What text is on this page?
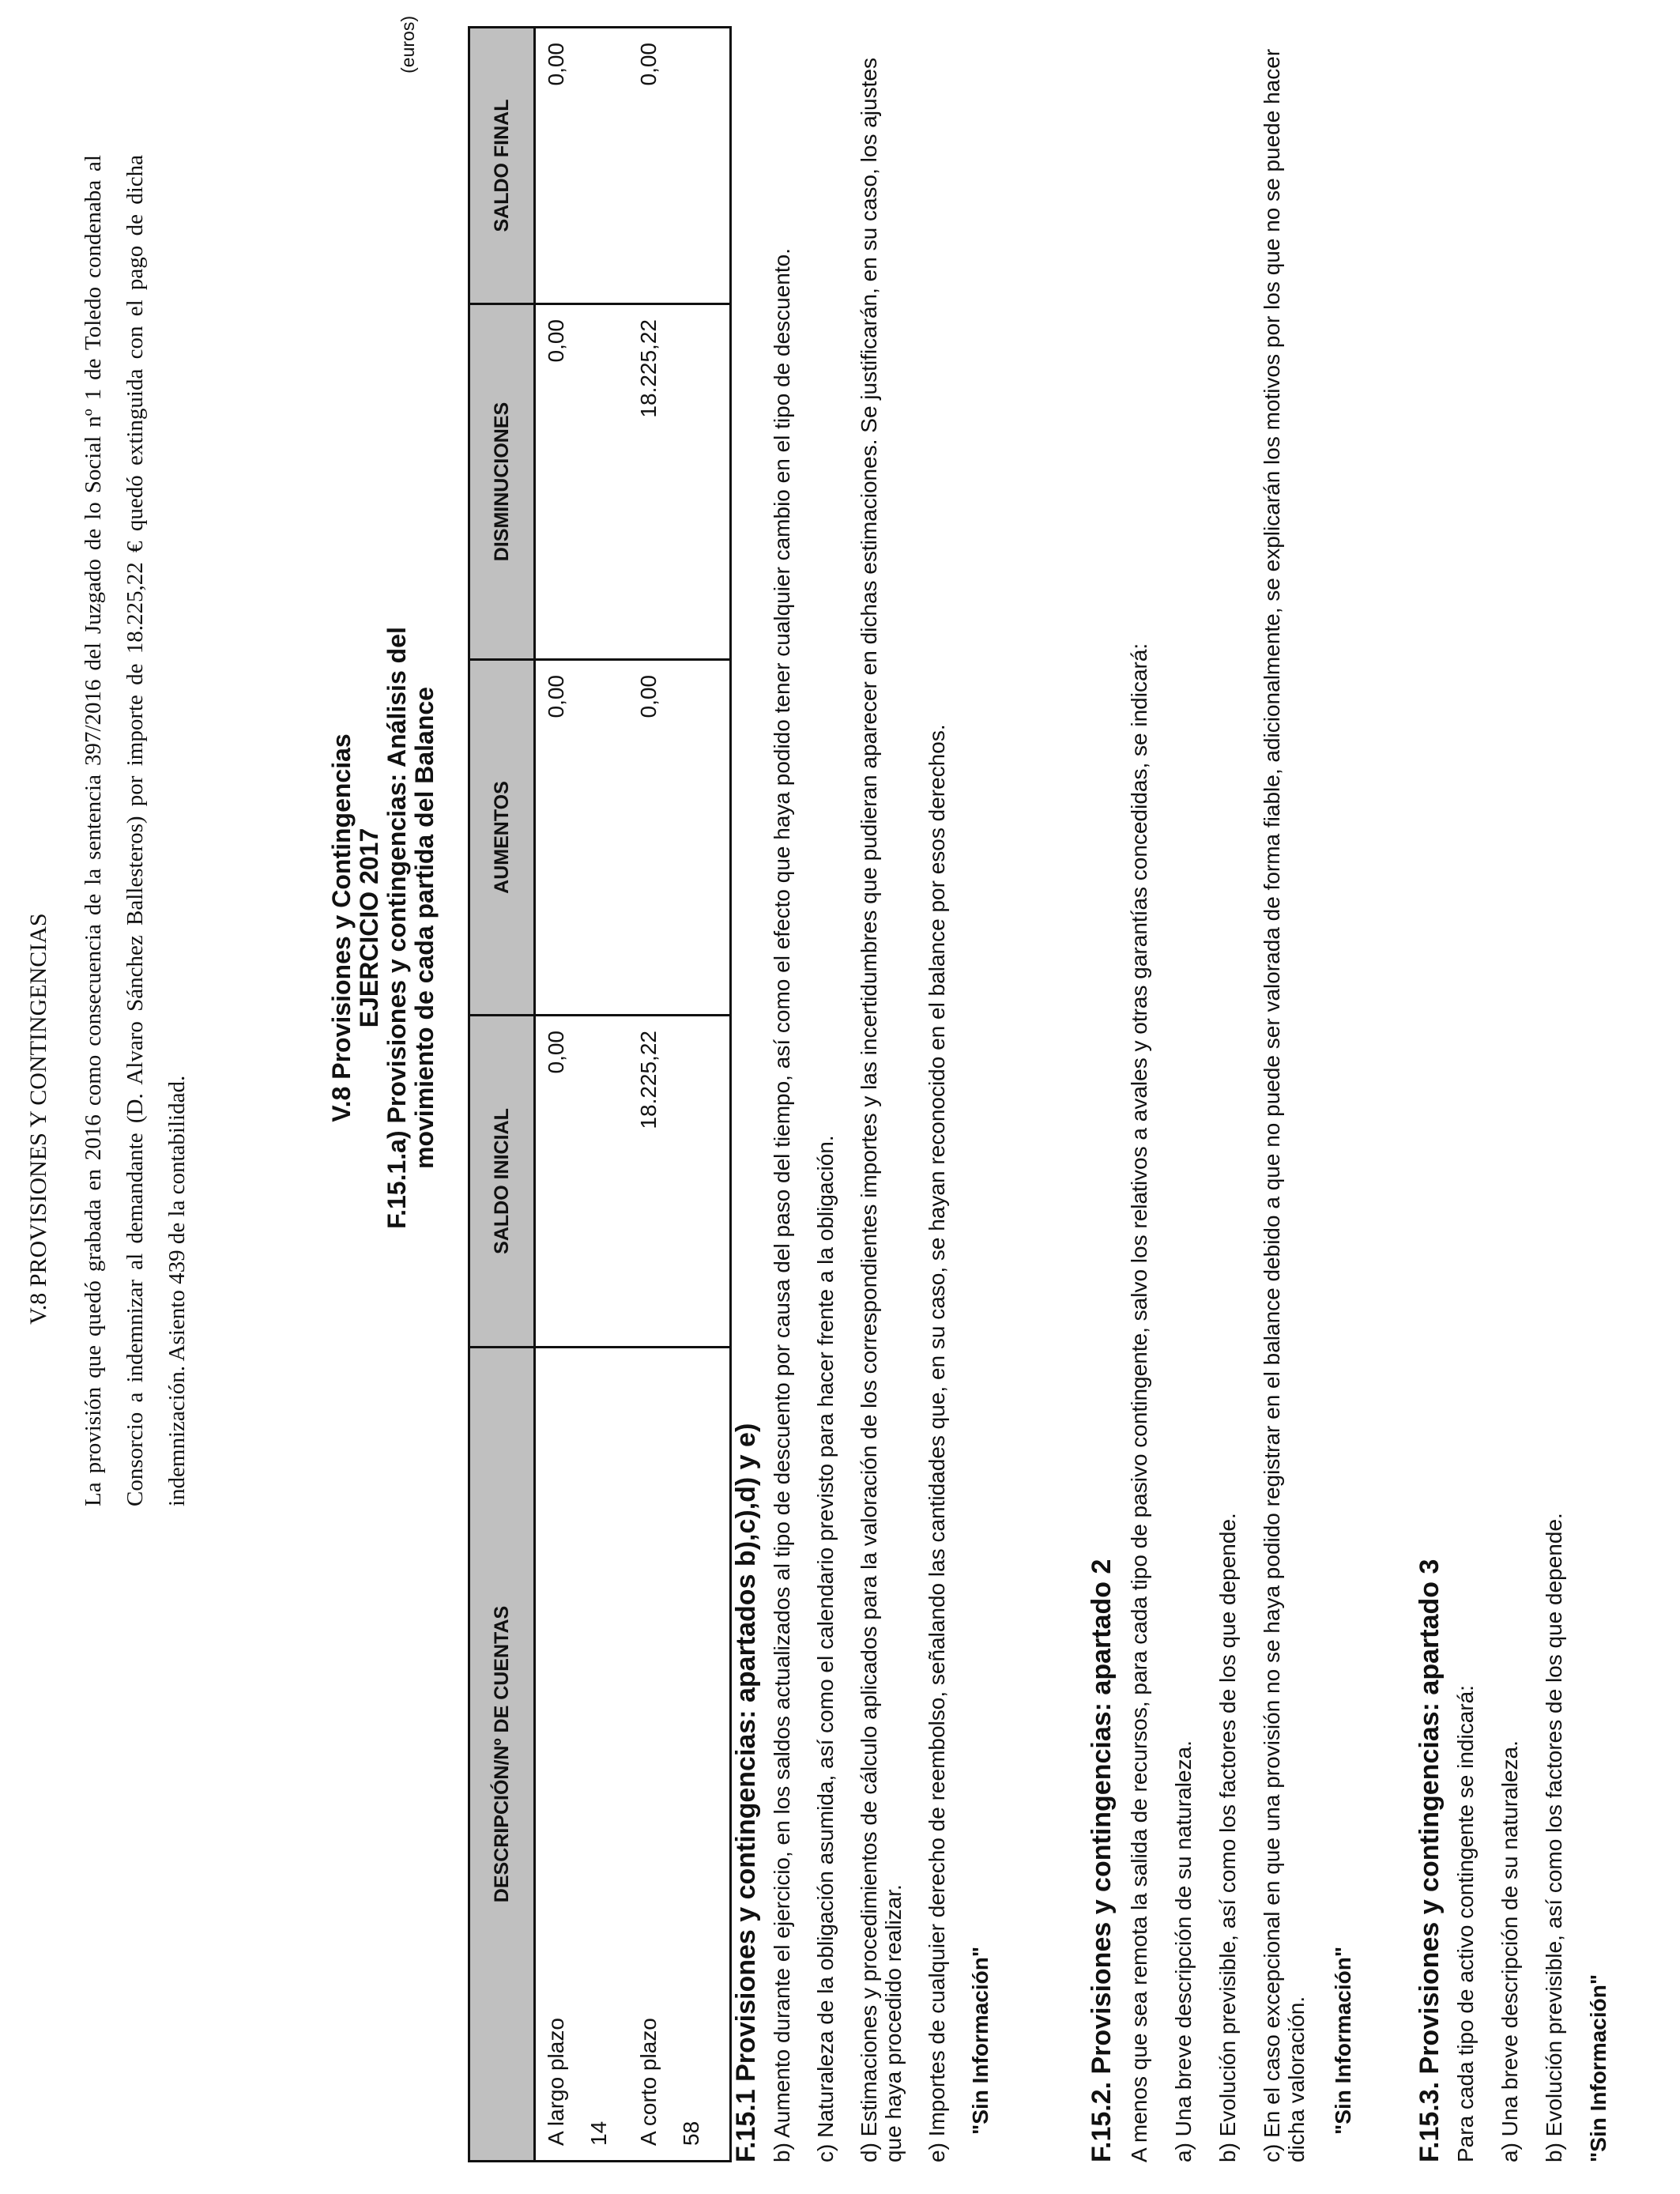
V.8 PROVISIONES Y CONTINGENCIAS	La provisión que quedó grabada en 2016 como consecuencia de la sentencia 397/2016 del Juzgado de lo Social nº 1 de Toledo condenaba al Consorcio a indemnizar al demandante (D. Alvaro Sánchez Ballesteros) por importe de 18.225,22 € quedó extinguida con el pago de dicha indemnización. Asiento 439 de la contabilidad.

V.8 Provisiones y Contingencias EJERCICIO 2017 F.15.1.a) Provisiones y contingencias: Análisis del movimiento de cada partida del Balance
(euros)
DESCRIPCIÓN/Nº DE CUENTAS	SALDO INICIAL	AUMENTOS	DISMINUCIONES	SALDO FINAL

A largo plazo 14	0,00	0,00	0,00	0,00

A corto plazo 58	18.225,22	0,00	18.225,22	0,00

F.15.1 Provisiones y contingencias: apartados b),c),d) y e) b) Aumento durante el ejercicio, en los saldos actualizados al tipo de descuento por causa del paso del tiempo, así como el efecto que haya podido tener cualquier cambio en el tipo de descuento. c) Naturaleza de la obligación asumida, así como el calendario previsto para hacer frente a la obligación. d) Estimaciones y procedimientos de cálculo aplicados para la valoración de los correspondientes importes y las incertidumbres que pudieran aparecer en dichas estimaciones. Se justificarán, en su caso, los ajustes que haya procedido realizar. e) Importes de cualquier derecho de reembolso, señalando las cantidades que, en su caso, se hayan reconocido en el balance por esos derechos. "Sin Información"	F.15.2. Provisiones y contingencias: apartado 2 A menos que sea remota la salida de recursos, para cada tipo de pasivo contingente, salvo los relativos a avales y otras garantías concedidas, se indicará: a) Una breve descripción de su naturaleza. b) Evolución previsible, así como los factores de los que depende. c) En el caso excepcional en que una provisión no se haya podido registrar en el balance debido a que no puede ser valorada de forma fiable, adicionalmente, se explicarán los motivos por los que no se puede hacer dicha valoración. "Sin Información" F.15.3. Provisiones y contingencias: apartado 3 Para cada tipo de activo contingente se indicará: a) Una breve descripción de su naturaleza. b) Evolución previsible, así como los factores de los que depende. "Sin Información"
